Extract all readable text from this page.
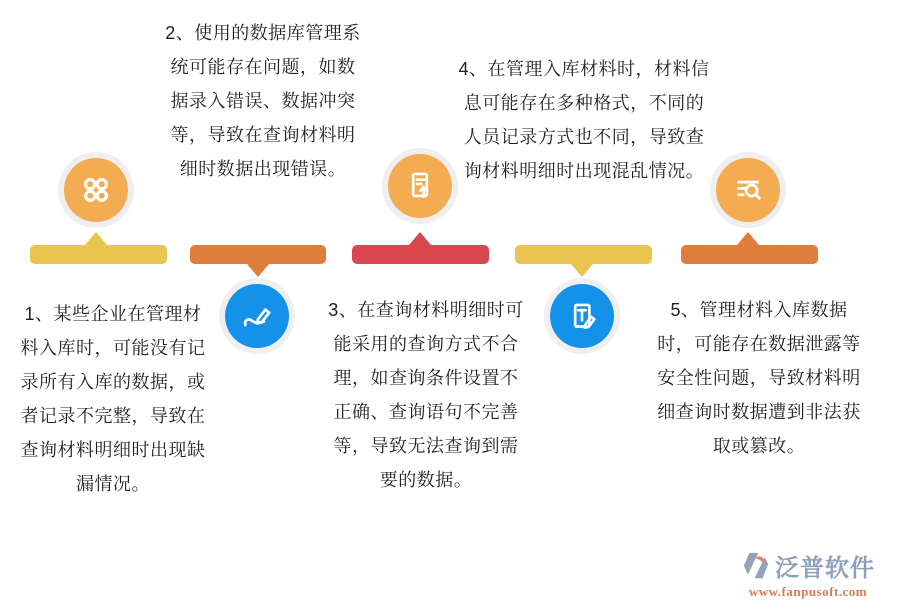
1、某些企业在管理材料入库时，可能没有记录所有入库的数据，或者记录不完整，导致在查询材料明细时出现缺漏情况。
2、使用的数据库管理系统可能存在问题，如数据录入错误、数据冲突等，导致在查询材料明细时数据出现错误。
3、在查询材料明细时可能采用的查询方式不合理，如查询条件设置不正确、查询语句不完善等，导致无法查询到需要的数据。
4、在管理入库材料时，材料信息可能存在多种格式，不同的人员记录方式也不同，导致查询材料明细时出现混乱情况。
5、管理材料入库数据时，可能存在数据泄露等安全性问题，导致材料明细查询时数据遭到非法获取或篡改。
泛普软件
www.fanpusoft.com
